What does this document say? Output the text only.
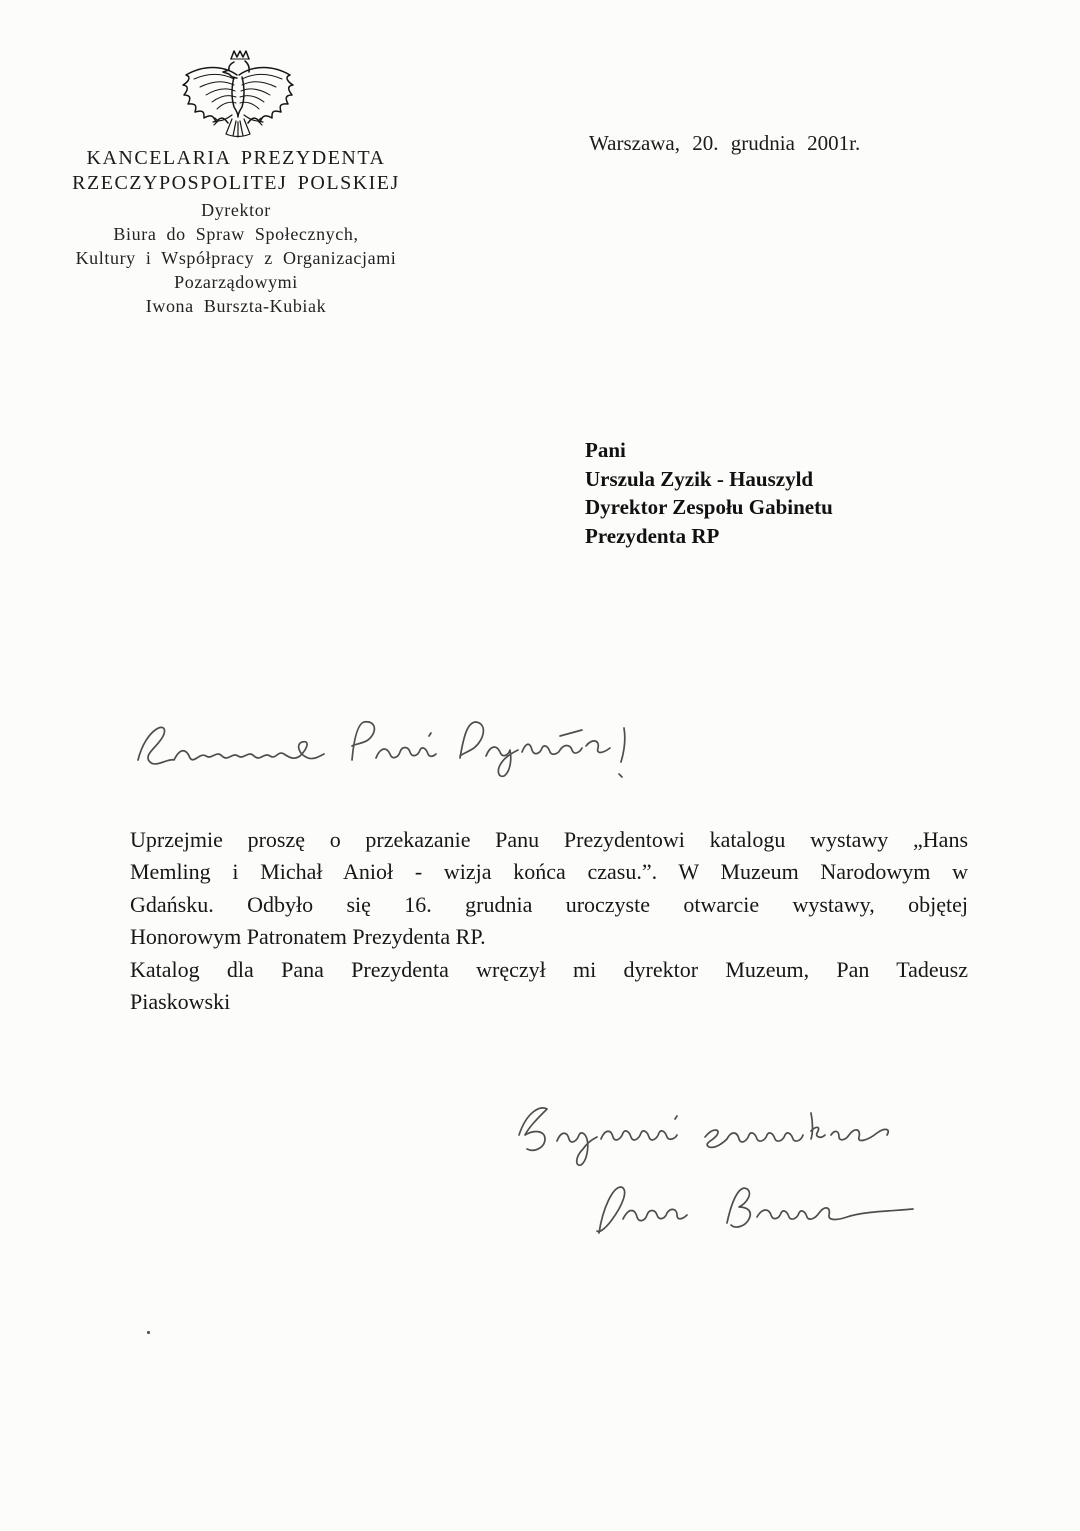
KANCELARIA PREZYDENTA
RZECZYPOSPOLITEJ POLSKIEJ
Dyrektor
Biura do Spraw Społecznych,
Kultury i Współpracy z Organizacjami
Pozarządowymi
Iwona Burszta-Kubiak
Warszawa, 20. grudnia 2001r.
Pani
Urszula Zyzik - Hauszyld
Dyrektor Zespołu Gabinetu
Prezydenta RP
Uprzejmie proszę o przekazanie Panu Prezydentowi katalogu wystawy „Hans
Memling i Michał Anioł - wizja końca czasu.”. W Muzeum Narodowym w
Gdańsku. Odbyło się 16. grudnia uroczyste otwarcie wystawy, objętej
Honorowym Patronatem Prezydenta RP.
Katalog dla Pana Prezydenta wręczył mi dyrektor Muzeum, Pan Tadeusz
Piaskowski
